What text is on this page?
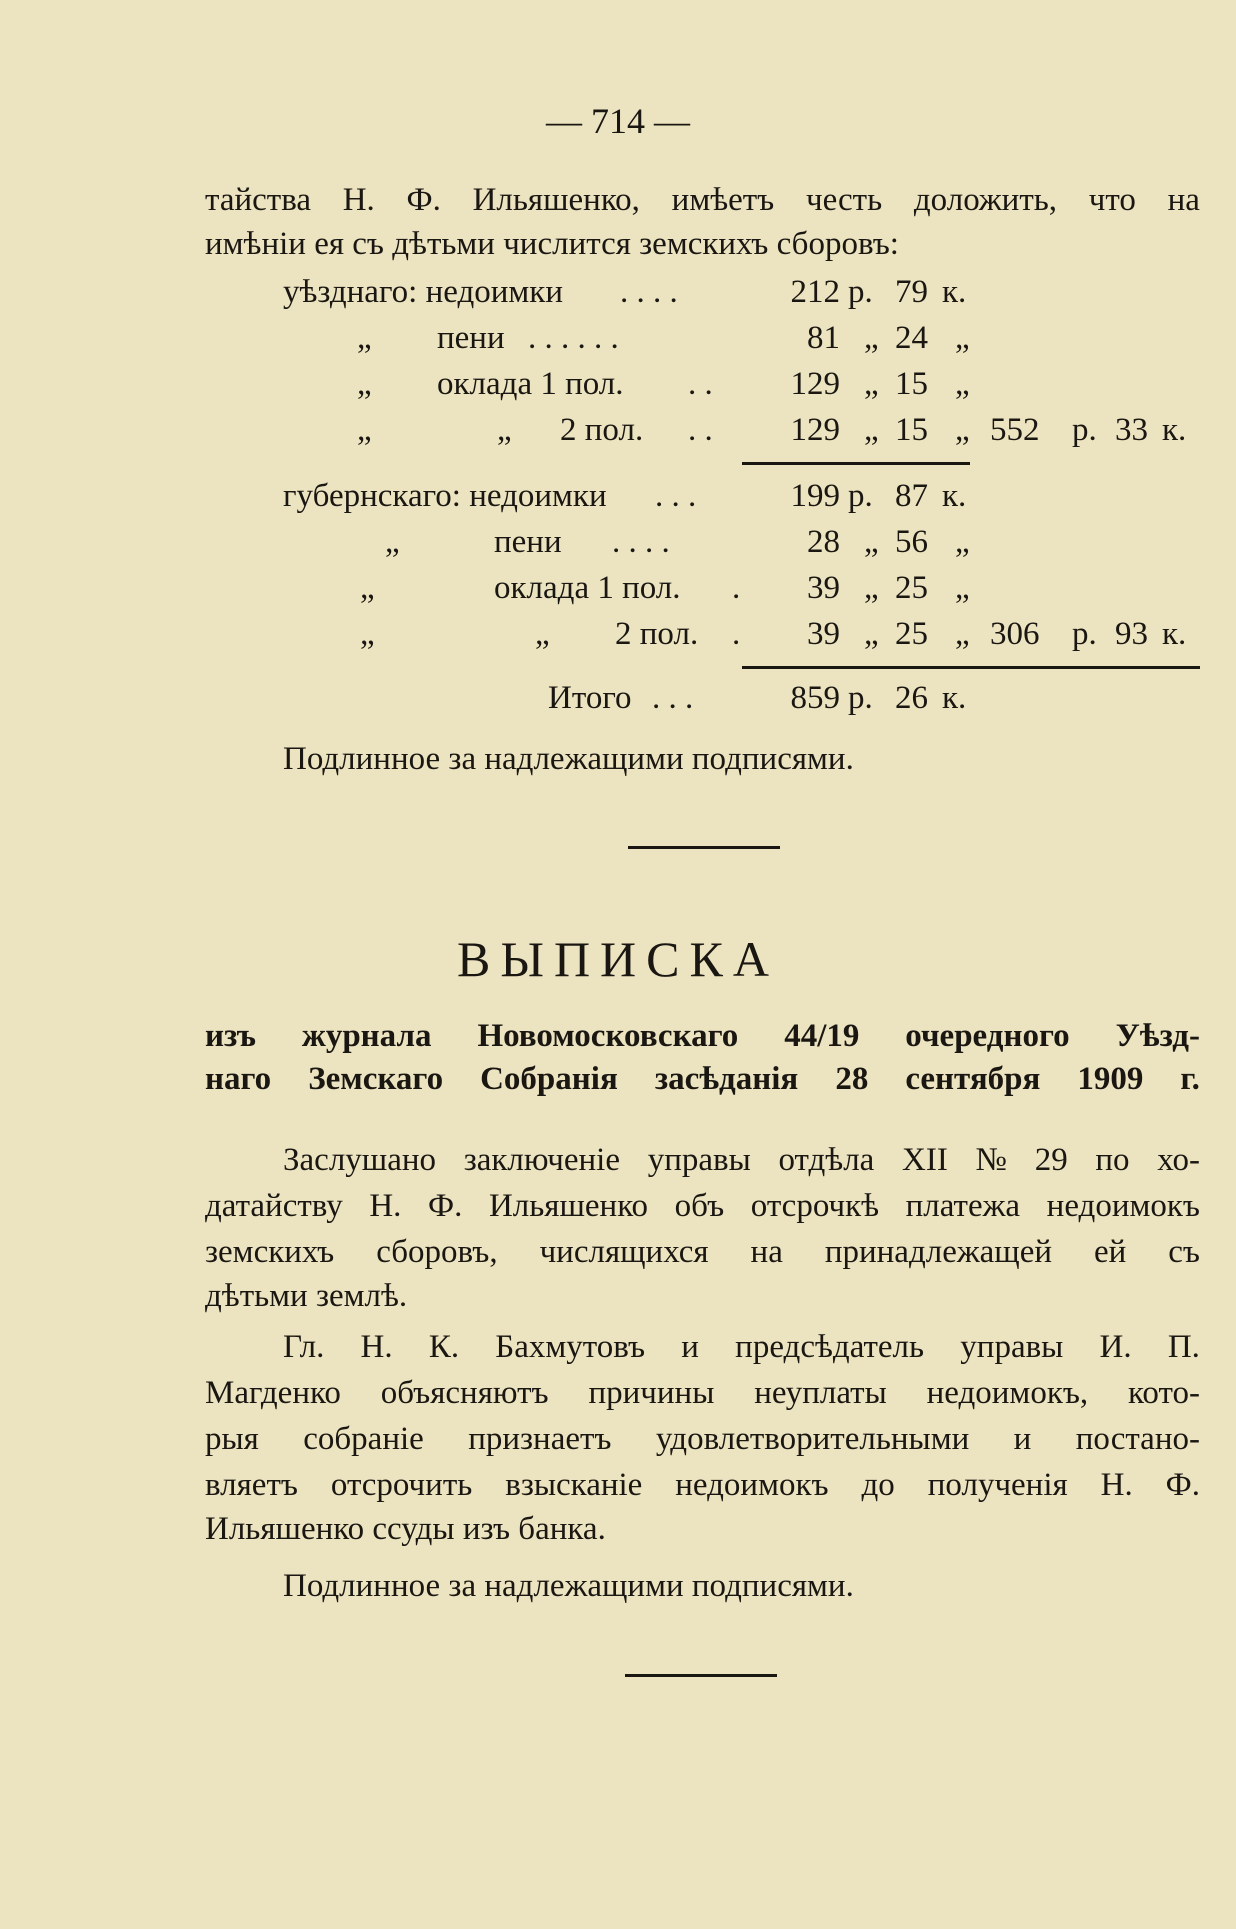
— 714 —
тайства Н. Ф. Ильяшенко, имѣетъ честь доложить, что на
имѣніи ея съ дѣтьми числится земскихъ сборовъ:
уѣзднаго: недоимки . . . .	212 р. 79 к.
„ пени . . . . . .	81 „ 24 „
„ оклада 1 пол. . .	129 „ 15 „
„	„ 2 пол. . .	129 „ 15 „ 552 р. 33 к.
губернскаго: недоимки . . .	199 р. 87 к.
„	пени . . . .	28 „ 56 „
„	оклада 1 пол. .	39 „ 25 „
„	„ 2 пол. .	39 „ 25 „ 306 р. 93 к.
Итого . . .	859 р. 26 к.
Подлинное за надлежащими подписями.
ВЫПИСКА
изъ журнала Новомосковскаго 44/19 очередного Уѣзд-
наго Земскаго Собранія засѣданія 28 сентября 1909 г.
Заслушано заключеніе управы отдѣла XII № 29 по хо-
датайству Н. Ф. Ильяшенко объ отсрочкѣ платежа недоимокъ
земскихъ сборовъ, числящихся на принадлежащей ей съ
дѣтьми землѣ.
Гл. Н. К. Бахмутовъ и предсѣдатель управы И. П.
Магденко объясняютъ причины неуплаты недоимокъ, кото-
рыя собраніе признаетъ удовлетворительными и постано-
вляетъ отсрочить взысканіе недоимокъ до полученія Н. Ф.
Ильяшенко ссуды изъ банка.
Подлинное за надлежащими подписями.
